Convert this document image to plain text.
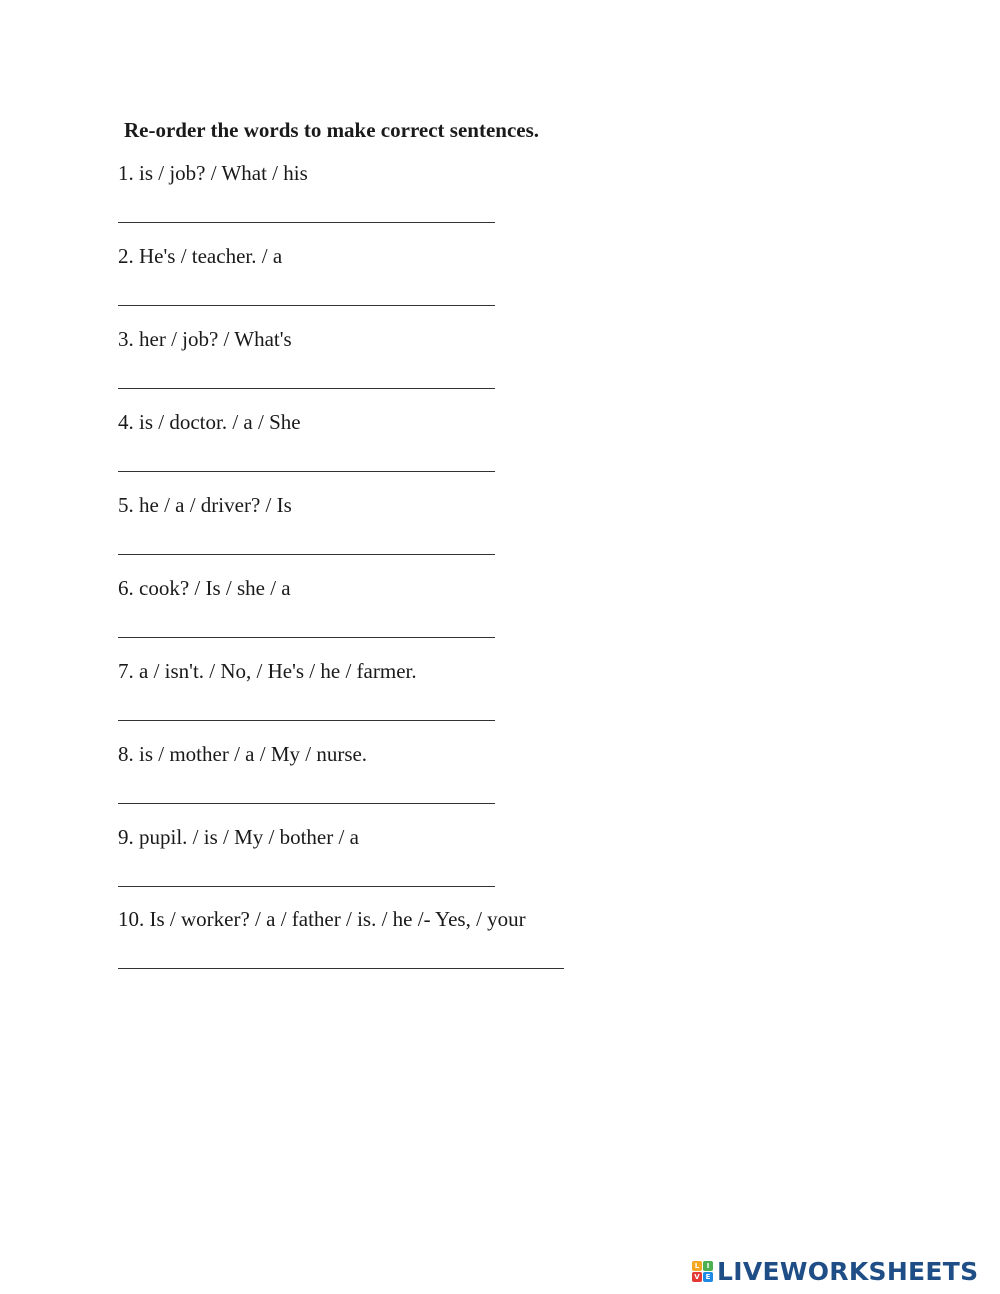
Re-order the words to make correct sentences.
1. is / job? / What / his
2. He's / teacher. / a
3. her / job? / What's
4. is / doctor. / a / She
5. he / a / driver? / Is
6. cook? / Is / she / a
7. a / isn't. / No, / He's / he / farmer.
8. is / mother / a / My / nurse.
9. pupil. / is / My / bother / a
10. Is / worker? / a / father / is. / he /- Yes, / your
L	I
V E LIVEWORKSHEETS
